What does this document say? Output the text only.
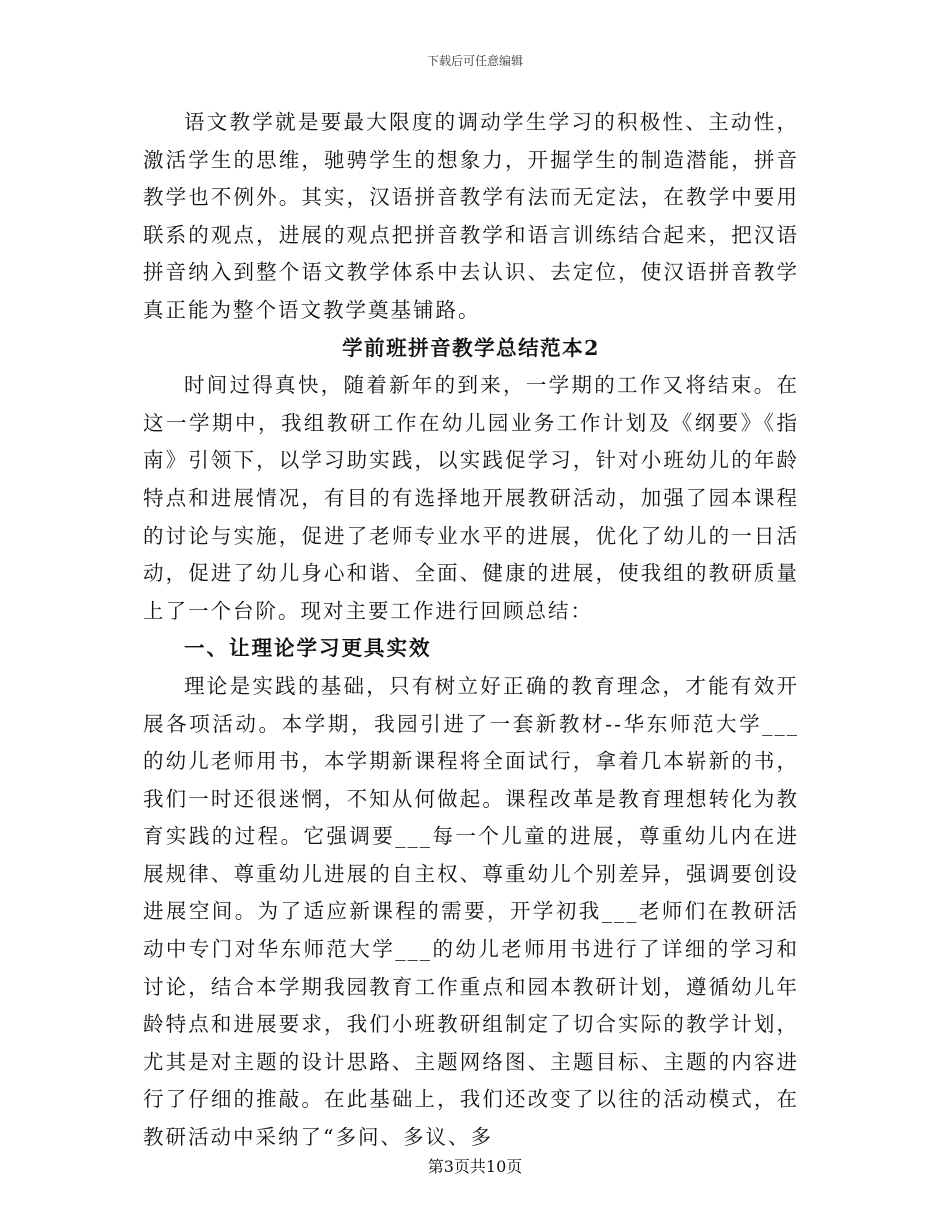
下载后可任意编辑

语文教学就是要最大限度的调动学生学习的积极性、主动性，激活学生的思维，驰骋学生的想象力，开掘学生的制造潜能，拼音教学也不例外。其实，汉语拼音教学有法而无定法，在教学中要用联系的观点，进展的观点把拼音教学和语言训练结合起来，把汉语拼音纳入到整个语文教学体系中去认识、去定位，使汉语拼音教学真正能为整个语文教学奠基铺路。

学前班拼音教学总结范本2

时间过得真快，随着新年的到来，一学期的工作又将结束。在这一学期中，我组教研工作在幼儿园业务工作计划及《纲要》《指南》引领下，以学习助实践，以实践促学习，针对小班幼儿的年龄特点和进展情况，有目的有选择地开展教研活动，加强了园本课程的讨论与实施，促进了老师专业水平的进展，优化了幼儿的一日活动，促进了幼儿身心和谐、全面、健康的进展，使我组的教研质量上了一个台阶。现对主要工作进行回顾总结：

一、让理论学习更具实效

理论是实践的基础，只有树立好正确的教育理念，才能有效开展各项活动。本学期，我园引进了一套新教材--华东师范大学___的幼儿老师用书，本学期新课程将全面试行，拿着几本崭新的书，我们一时还很迷惘，不知从何做起。课程改革是教育理想转化为教育实践的过程。它强调要___每一个儿童的进展，尊重幼儿内在进展规律、尊重幼儿进展的自主权、尊重幼儿个别差异，强调要创设进展空间。为了适应新课程的需要，开学初我___老师们在教研活动中专门对华东师范大学___的幼儿老师用书进行了详细的学习和讨论，结合本学期我园教育工作重点和园本教研计划，遵循幼儿年龄特点和进展要求，我们小班教研组制定了切合实际的教学计划，尤其是对主题的设计思路、主题网络图、主题目标、主题的内容进行了仔细的推敲。在此基础上，我们还改变了以往的活动模式，在教研活动中采纳了“多问、多议、多

第3页共10页
